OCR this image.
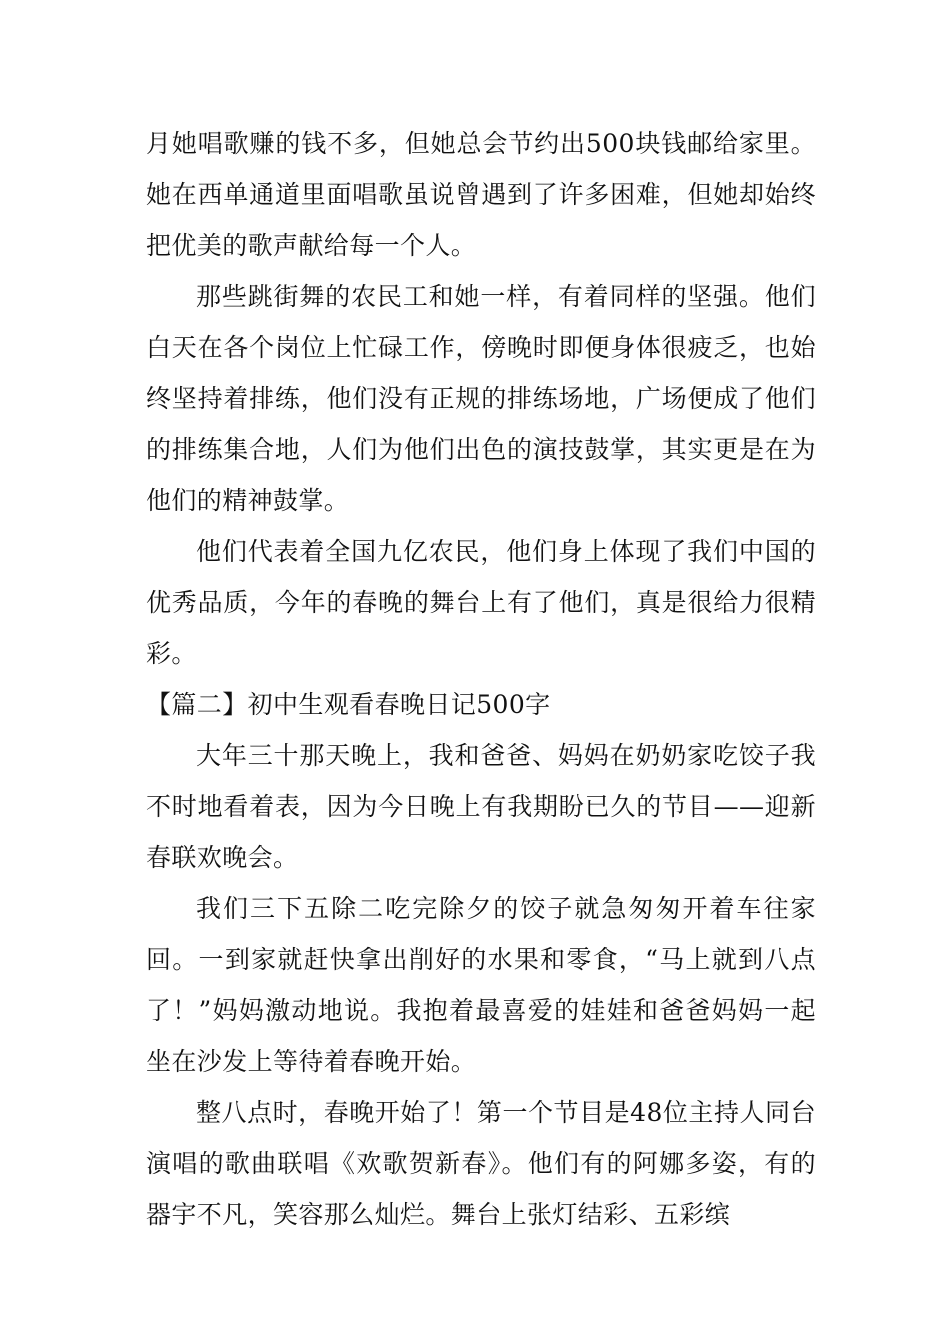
月她唱歌赚的钱不多，但她总会节约出500块钱邮给家里。她在西单通道里面唱歌虽说曾遇到了许多困难，但她却始终把优美的歌声献给每一个人。

那些跳街舞的农民工和她一样，有着同样的坚强。他们白天在各个岗位上忙碌工作，傍晚时即便身体很疲乏，也始终坚持着排练，他们没有正规的排练场地，广场便成了他们的排练集合地，人们为他们出色的演技鼓掌，其实更是在为他们的精神鼓掌。

他们代表着全国九亿农民，他们身上体现了我们中国的优秀品质，今年的春晚的舞台上有了他们，真是很给力很精彩。

【篇二】初中生观看春晚日记500字

大年三十那天晚上，我和爸爸、妈妈在奶奶家吃饺子我不时地看着表，因为今日晚上有我期盼已久的节目——迎新春联欢晚会。

我们三下五除二吃完除夕的饺子就急匆匆开着车往家回。一到家就赶快拿出削好的水果和零食，“马上就到八点了！”妈妈激动地说。我抱着最喜爱的娃娃和爸爸妈妈一起坐在沙发上等待着春晚开始。

整八点时，春晚开始了！第一个节目是48位主持人同台演唱的歌曲联唱《欢歌贺新春》。他们有的阿娜多姿，有的器宇不凡，笑容那么灿烂。舞台上张灯结彩、五彩缤
